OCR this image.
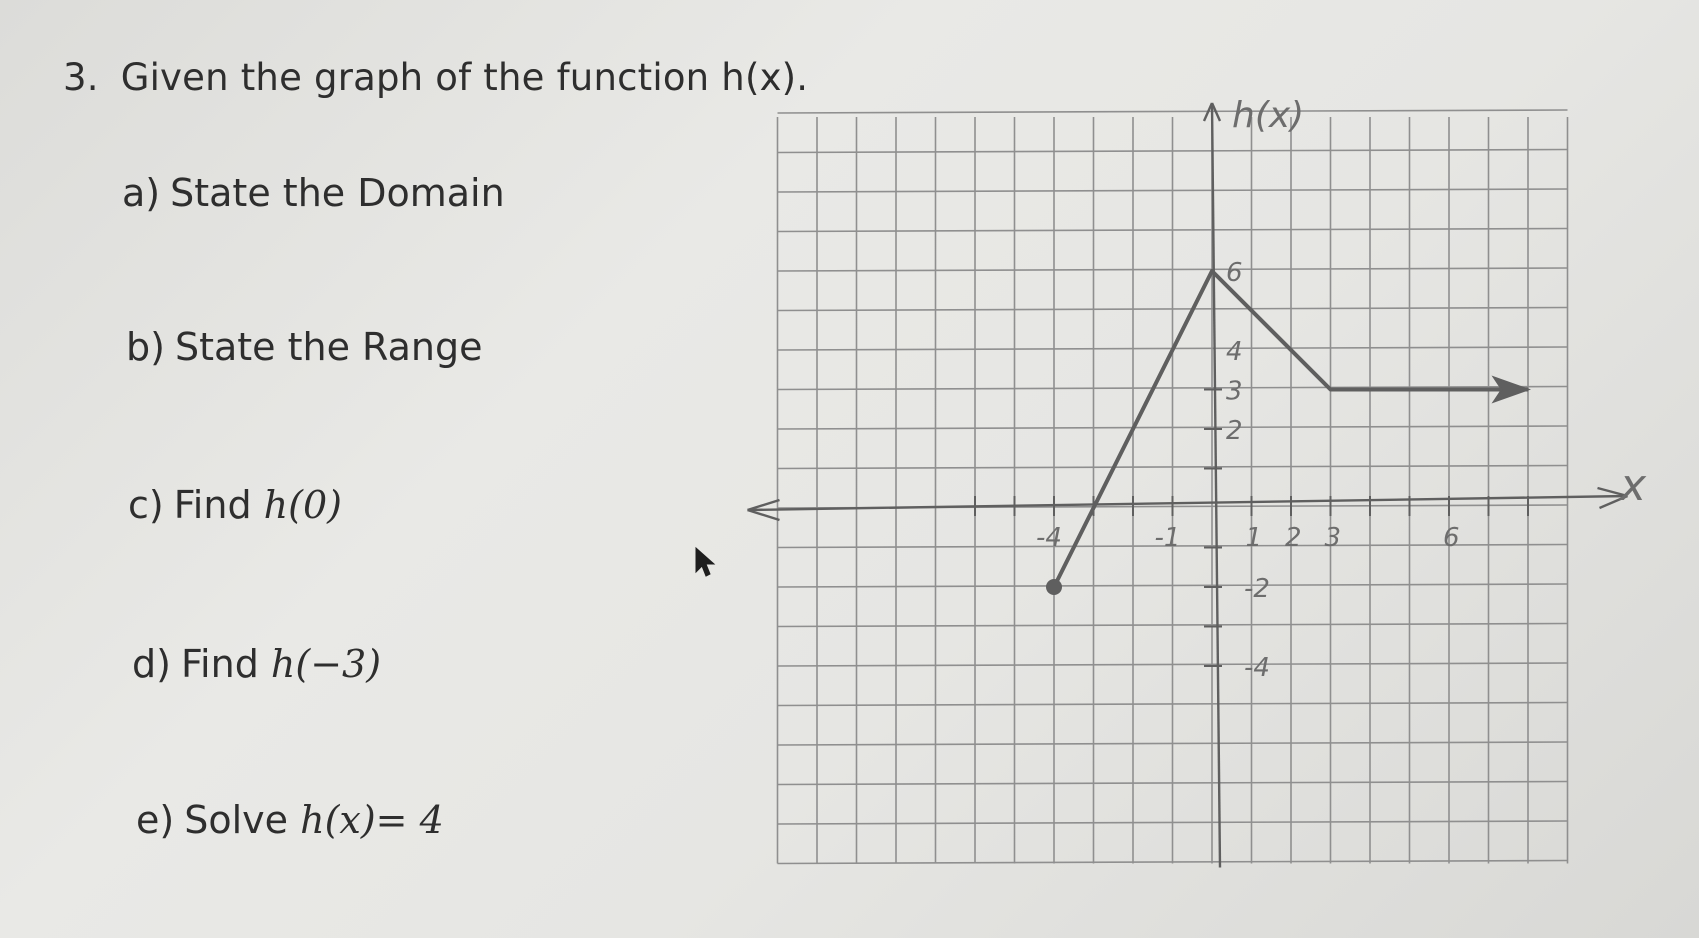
3. Given the graph of the function h(x).
a) State the Domain
b) State the Range
c) Find h(0)
d) Find h(−3)
e) Solve h(x)= 4
-4	-1	1 2 3	6
6
4
3
2
-2
-4
x
h(x)
